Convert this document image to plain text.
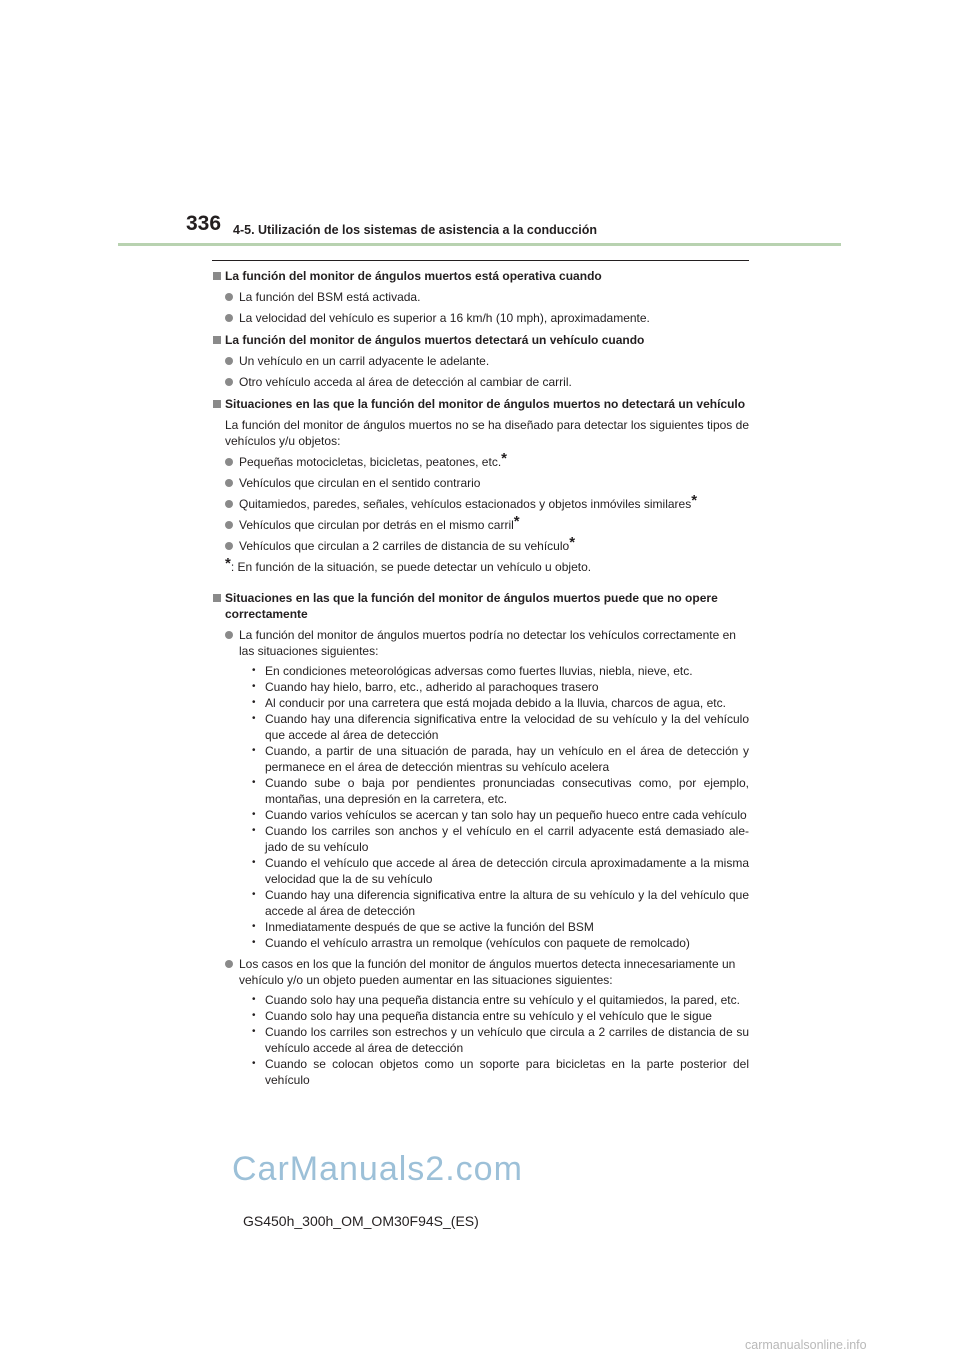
336 4-5. Utilización de los sistemas de asistencia a la conducción
La función del monitor de ángulos muertos está operativa cuando
La función del BSM está activada.
La velocidad del vehículo es superior a 16 km/h (10 mph), aproximadamente.
La función del monitor de ángulos muertos detectará un vehículo cuando
Un vehículo en un carril adyacente le adelante.
Otro vehículo acceda al área de detección al cambiar de carril.
Situaciones en las que la función del monitor de ángulos muertos no detectará un vehículo
La función del monitor de ángulos muertos no se ha diseñado para detectar los siguientes tipos de vehículos y/u objetos:
Pequeñas motocicletas, bicicletas, peatones, etc.*
Vehículos que circulan en el sentido contrario
Quitamiedos, paredes, señales, vehículos estacionados y objetos inmóviles similares*
Vehículos que circulan por detrás en el mismo carril*
Vehículos que circulan a 2 carriles de distancia de su vehículo*
*: En función de la situación, se puede detectar un vehículo u objeto.
Situaciones en las que la función del monitor de ángulos muertos puede que no opere correctamente
La función del monitor de ángulos muertos podría no detectar los vehículos correctamente en las situaciones siguientes:
• En condiciones meteorológicas adversas como fuertes lluvias, niebla, nieve, etc.
• Cuando hay hielo, barro, etc., adherido al parachoques trasero
• Al conducir por una carretera que está mojada debido a la lluvia, charcos de agua, etc.
• Cuando hay una diferencia significativa entre la velocidad de su vehículo y la del vehículo que accede al área de detección
• Cuando, a partir de una situación de parada, hay un vehículo en el área de detección y permanece en el área de detección mientras su vehículo acelera
• Cuando sube o baja por pendientes pronunciadas consecutivas como, por ejemplo, montañas, una depresión en la carretera, etc.
• Cuando varios vehículos se acercan y tan solo hay un pequeño hueco entre cada vehículo
• Cuando los carriles son anchos y el vehículo en el carril adyacente está demasiado alejado de su vehículo
• Cuando el vehículo que accede al área de detección circula aproximadamente a la misma velocidad que la de su vehículo
• Cuando hay una diferencia significativa entre la altura de su vehículo y la del vehículo que accede al área de detección
• Inmediatamente después de que se active la función del BSM
• Cuando el vehículo arrastra un remolque (vehículos con paquete de remolcado)
Los casos en los que la función del monitor de ángulos muertos detecta innecesariamente un vehículo y/o un objeto pueden aumentar en las situaciones siguientes:
• Cuando solo hay una pequeña distancia entre su vehículo y el quitamiedos, la pared, etc.
• Cuando solo hay una pequeña distancia entre su vehículo y el vehículo que le sigue
• Cuando los carriles son estrechos y un vehículo que circula a 2 carriles de distancia de su vehículo accede al área de detección
• Cuando se colocan objetos como un soporte para bicicletas en la parte posterior del vehículo
CarManuals2.com
GS450h_300h_OM_OM30F94S_(ES)
carmanualsonline.info
